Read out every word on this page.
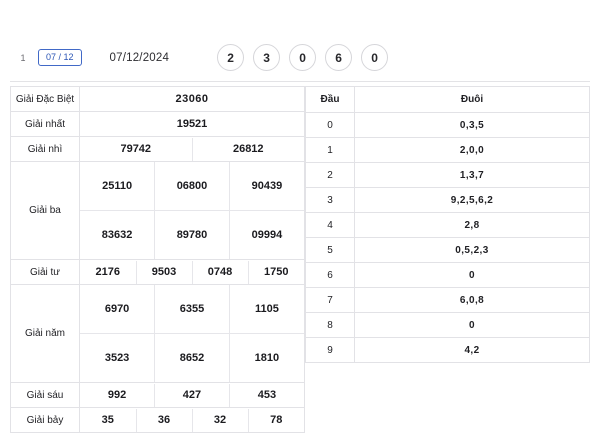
1	07 / 12	07/12/2024	2	3	0	6	0
Giải Đặc Biệt		23060

Giải nhất		19521

Giải nhì		79742	26812

Giải ba	
25110	06800	90439
83632	89780	09994

Giải tư		2176	9503	0748	1750

Giải năm	
6970	6355	1105
3523	8652	1810

Giải sáu		992	427	453

Giải bảy		35	36	32	78
Đầu	Đuôi
0	0,3,5
1	2,0,0
2	1,3,7
3	9,2,5,6,2
4	2,8
5	0,5,2,3
6	0
7	6,0,8
8	0
9	4,2
